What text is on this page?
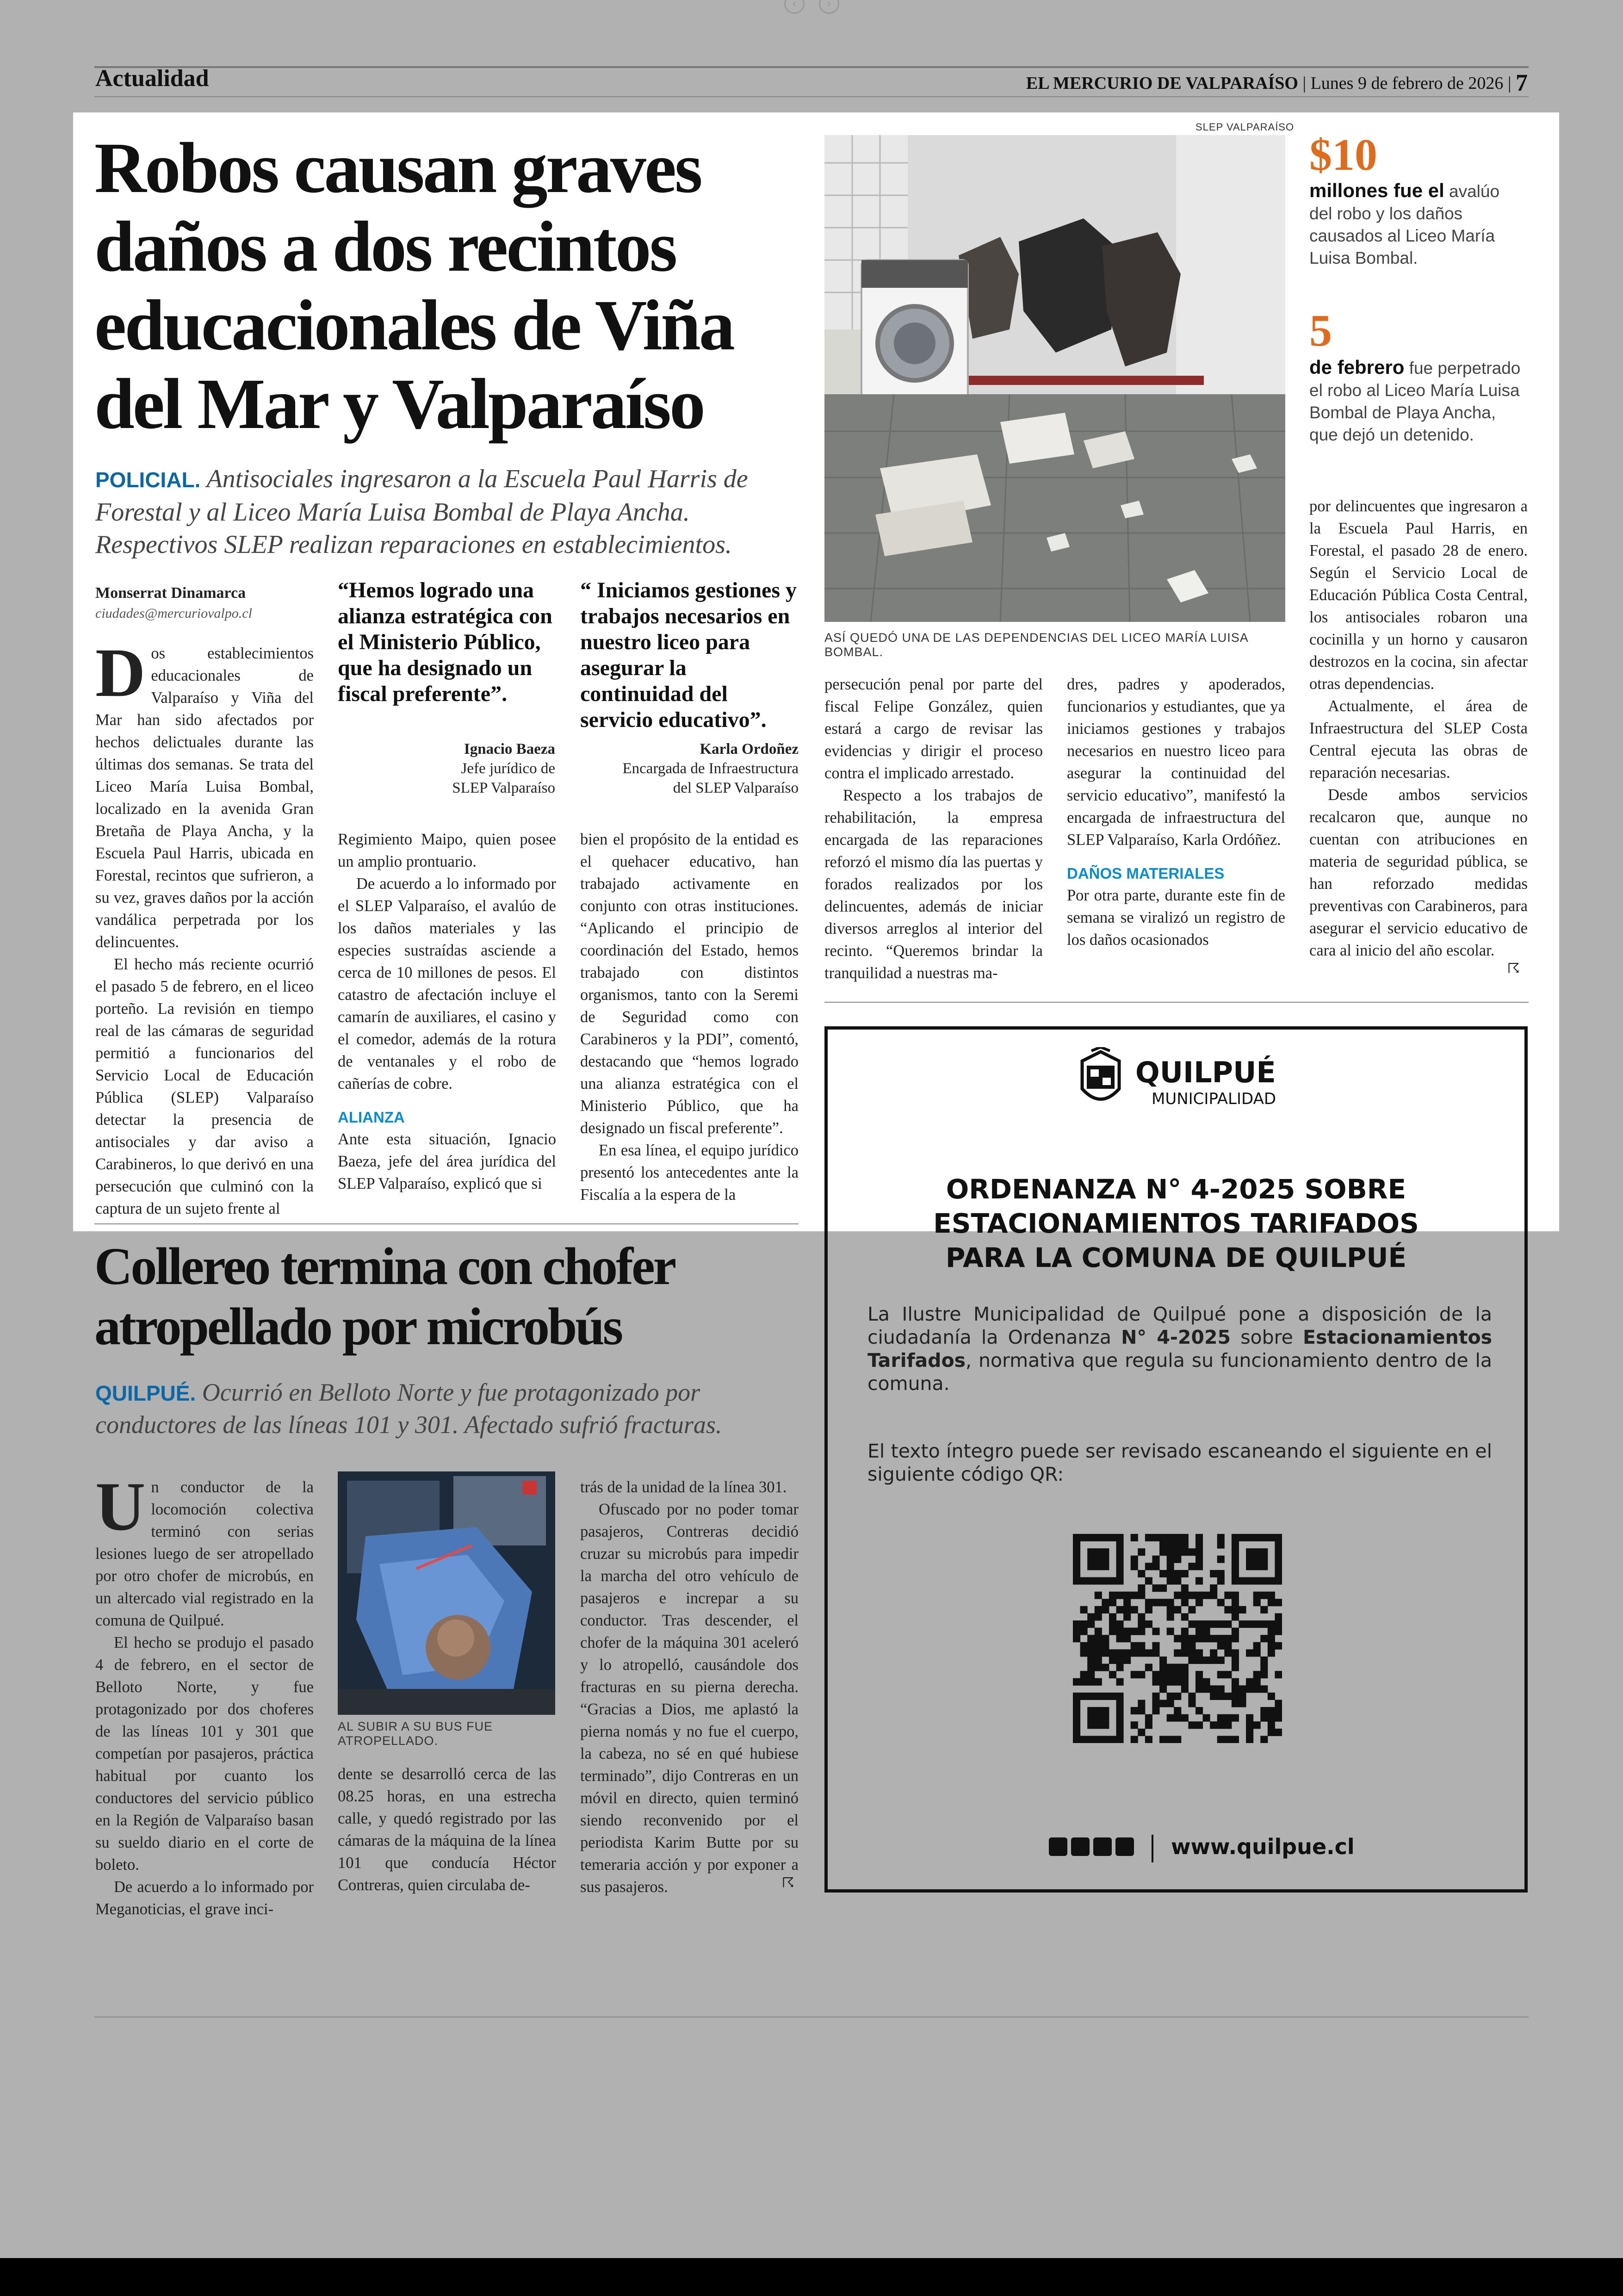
‹	›
Actualidad	EL MERCURIO DE VALPARAÍSO | Lunes 9 de febrero de 2026 | 7
Robos causan graves daños a dos recintos educacionales de Viña del Mar y Valparaíso
POLICIAL. Antisociales ingresaron a la Escuela Paul Harris de Forestal y al Liceo María Luisa Bombal de Playa Ancha. Respectivos SLEP realizan reparaciones en establecimientos.
Monserrat Dinamarca
ciudades@mercuriovalpo.cl

Dos establecimientos educacionales de Valparaíso y Viña del Mar han sido afectados por hechos delictuales durante las últimas dos semanas. Se trata del Liceo María Luisa Bombal, localizado en la avenida Gran Bretaña de Playa Ancha, y la Escuela Paul Harris, ubicada en Forestal, recintos que sufrieron, a su vez, graves daños por la acción vandálica perpetrada por los delincuentes.

El hecho más reciente ocurrió el pasado 5 de febrero, en el liceo porteño. La revisión en tiempo real de las cámaras de seguridad permitió a funcionarios del Servicio Local de Educación Pública (SLEP) Valparaíso detectar la presencia de antisociales y dar aviso a Carabineros, lo que derivó en una persecución que culminó con la captura de un sujeto frente al

“Hemos logrado una alianza estratégica con el Ministerio Público, que ha designado un fiscal preferente”.
Ignacio Baeza
Jefe jurídico de
SLEP Valparaíso

Regimiento Maipo, quien posee un amplio prontuario.

De acuerdo a lo informado por el SLEP Valparaíso, el avalúo de los daños materiales y las especies sustraídas asciende a cerca de 10 millones de pesos. El catastro de afectación incluye el camarín de auxiliares, el casino y el comedor, además de la rotura de ventanales y el robo de cañerías de cobre.

ALIANZA

Ante esta situación, Ignacio Baeza, jefe del área jurídica del SLEP Valparaíso, explicó que si

“ Iniciamos gestiones y trabajos necesarios en nuestro liceo para asegurar la continuidad del servicio educativo”.
Karla Ordoñez
Encargada de Infraestructura
del SLEP Valparaíso

bien el propósito de la entidad es el quehacer educativo, han trabajado activamente en conjunto con otras instituciones. “Aplicando el principio de coordinación del Estado, hemos trabajado con distintos organismos, tanto con la Seremi de Seguridad como con Carabineros y la PDI”, comentó, destacando que “hemos logrado una alianza estratégica con el Ministerio Público, que ha designado un fiscal preferente”.

En esa línea, el equipo jurídico presentó los antecedentes ante la Fiscalía a la espera de la

SLEP VALPARAÍSO
ASÍ QUEDÓ UNA DE LAS DEPENDENCIAS DEL LICEO MARÍA LUISA BOMBAL.

persecución penal por parte del fiscal Felipe González, quien estará a cargo de revisar las evidencias y dirigir el proceso contra el implicado arrestado.

Respecto a los trabajos de rehabilitación, la empresa encargada de las reparaciones reforzó el mismo día las puertas y forados realizados por los delincuentes, además de iniciar diversos arreglos al interior del recinto. “Queremos brindar la tranquilidad a nuestras ma-

dres, padres y apoderados, funcionarios y estudiantes, que ya iniciamos gestiones y trabajos necesarios en nuestro liceo para asegurar la continuidad del servicio educativo”, manifestó la encargada de infraestructura del SLEP Valparaíso, Karla Ordóñez.

DAÑOS MATERIALES

Por otra parte, durante este fin de semana se viralizó un registro de los daños ocasionados

$10
millones fue el avalúo del robo y los daños causados al Liceo María Luisa Bombal.
5
de febrero fue perpetrado el robo al Liceo María Luisa Bombal de Playa Ancha, que dejó un detenido.

por delincuentes que ingresaron a la Escuela Paul Harris, en Forestal, el pasado 28 de enero. Según el Servicio Local de Educación Pública Costa Central, los antisociales robaron una cocinilla y un horno y causaron destrozos en la cocina, sin afectar otras dependencias.

Actualmente, el área de Infraestructura del SLEP Costa Central ejecuta las obras de reparación necesarias.

Desde ambos servicios recalcaron que, aunque no cuentan con atribuciones en materia de seguridad pública, se han reforzado medidas preventivas con Carabineros, para asegurar el servicio educativo de cara al inicio del año escolar.

☈
Collereo termina con chofer atropellado por microbús
QUILPUÉ. Ocurrió en Belloto Norte y fue protagonizado por conductores de las líneas 101 y 301. Afectado sufrió fracturas.

Un conductor de la locomoción colectiva terminó con serias lesiones luego de ser atropellado por otro chofer de microbús, en un altercado vial registrado en la comuna de Quilpué.

El hecho se produjo el pasado 4 de febrero, en el sector de Belloto Norte, y fue protagonizado por dos choferes de las líneas 101 y 301 que competían por pasajeros, práctica habitual por cuanto los conductores del servicio público en la Región de Valparaíso basan su sueldo diario en el corte de boleto.

De acuerdo a lo informado por Meganoticias, el grave inci-

AL SUBIR A SU BUS FUE ATROPELLADO.

dente se desarrolló cerca de las 08.25 horas, en una estrecha calle, y quedó registrado por las cámaras de la máquina de la línea 101 que conducía Héctor Contreras, quien circulaba de-

trás de la unidad de la línea 301.

Ofuscado por no poder tomar pasajeros, Contreras decidió cruzar su microbús para impedir la marcha del otro vehículo de pasajeros e increpar a su conductor. Tras descender, el chofer de la máquina 301 aceleró y lo atropelló, causándole dos fracturas en su pierna derecha. “Gracias a Dios, me aplastó la pierna nomás y no fue el cuerpo, la cabeza, no sé en qué hubiese terminado”, dijo Contreras en un móvil en directo, quien terminó siendo reconvenido por el periodista Karim Butte por su temeraria acción y por exponer a sus pasajeros.	☈
QUILPUÉ
MUNICIPALIDAD
ORDENANZA N° 4-2025 SOBRE
ESTACIONAMIENTOS TARIFADOS
PARA LA COMUNA DE QUILPUÉ
La Ilustre Municipalidad de Quilpué pone a disposición de la ciudadanía la Ordenanza N° 4-2025 sobre Estacionamientos Tarifados, normativa que regula su funcionamiento dentro de la comuna.
El texto íntegro puede ser revisado escaneando el siguiente en el siguiente código QR:
www.quilpue.cl
